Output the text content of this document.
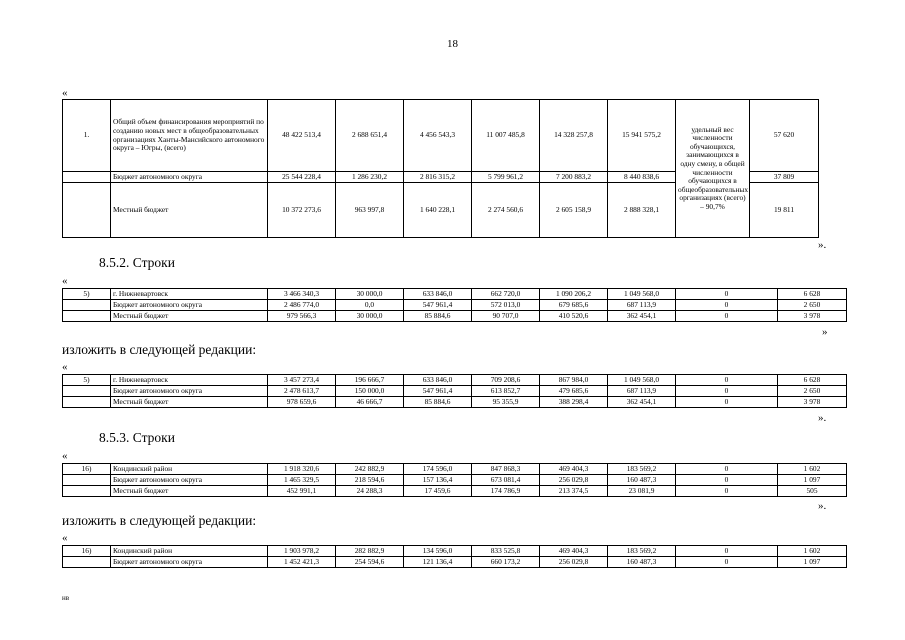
18
«
1.	Общий объем финансирования мероприятий по созданию новых мест в общеобразовательных организациях Ханты-Мансийского автономного округа – Югры, (всего)	48 422 513,4	2 688 651,4	4 456 543,3	11 007 485,8	14 328 257,8	15 941 575,2	удельный вес численности обучающихся, занимающихся в одну смену, в общей численности обучающихся в общеобразовательных организациях (всего) – 90,7%	57 620
	Бюджет автономного округа	25 544 228,4	1 286 230,2	2 816 315,2	5 799 961,2	7 200 883,2	8 440 838,6		37 809
	Местный бюджет	10 372 273,6	963 997,8	1 640 228,1	2 274 560,6	2 605 158,9	2 888 328,1		19 811
».
8.5.2. Строки
«
5)	г. Нижневартовск	3 466 340,3	30 000,0	633 846,0	662 720,0	1 090 206,2	1 049 568,0	0	6 628
	Бюджет автономного округа	2 486 774,0	0,0	547 961,4	572 013,0	679 685,6	687 113,9	0	2 650
	Местный бюджет	979 566,3	30 000,0	85 884,6	90 707,0	410 520,6	362 454,1	0	3 978
»
изложить в следующей редакции:
«
5)	г. Нижневартовск	3 457 273,4	196 666,7	633 846,0	709 208,6	867 984,0	1 049 568,0	0	6 628
	Бюджет автономного округа	2 478 613,7	150 000,0	547 961,4	613 852,7	479 685,6	687 113,9	0	2 650
	Местный бюджет	978 659,6	46 666,7	85 884,6	95 355,9	388 298,4	362 454,1	0	3 978
».
8.5.3. Строки
«
16)	Кондинский район	1 918 320,6	242 882,9	174 596,0	847 868,3	469 404,3	183 569,2	0	1 602
	Бюджет автономного округа	1 465 329,5	218 594,6	157 136,4	673 081,4	256 029,8	160 487,3	0	1 097
	Местный бюджет	452 991,1	24 288,3	17 459,6	174 786,9	213 374,5	23 081,9	0	505
».
изложить в следующей редакции:
«
16)	Кондинский район	1 903 978,2	282 882,9	134 596,0	833 525,8	469 404,3	183 569,2	0	1 602
	Бюджет автономного округа	1 452 421,3	254 594,6	121 136,4	660 173,2	256 029,8	160 487,3	0	1 097
нв
